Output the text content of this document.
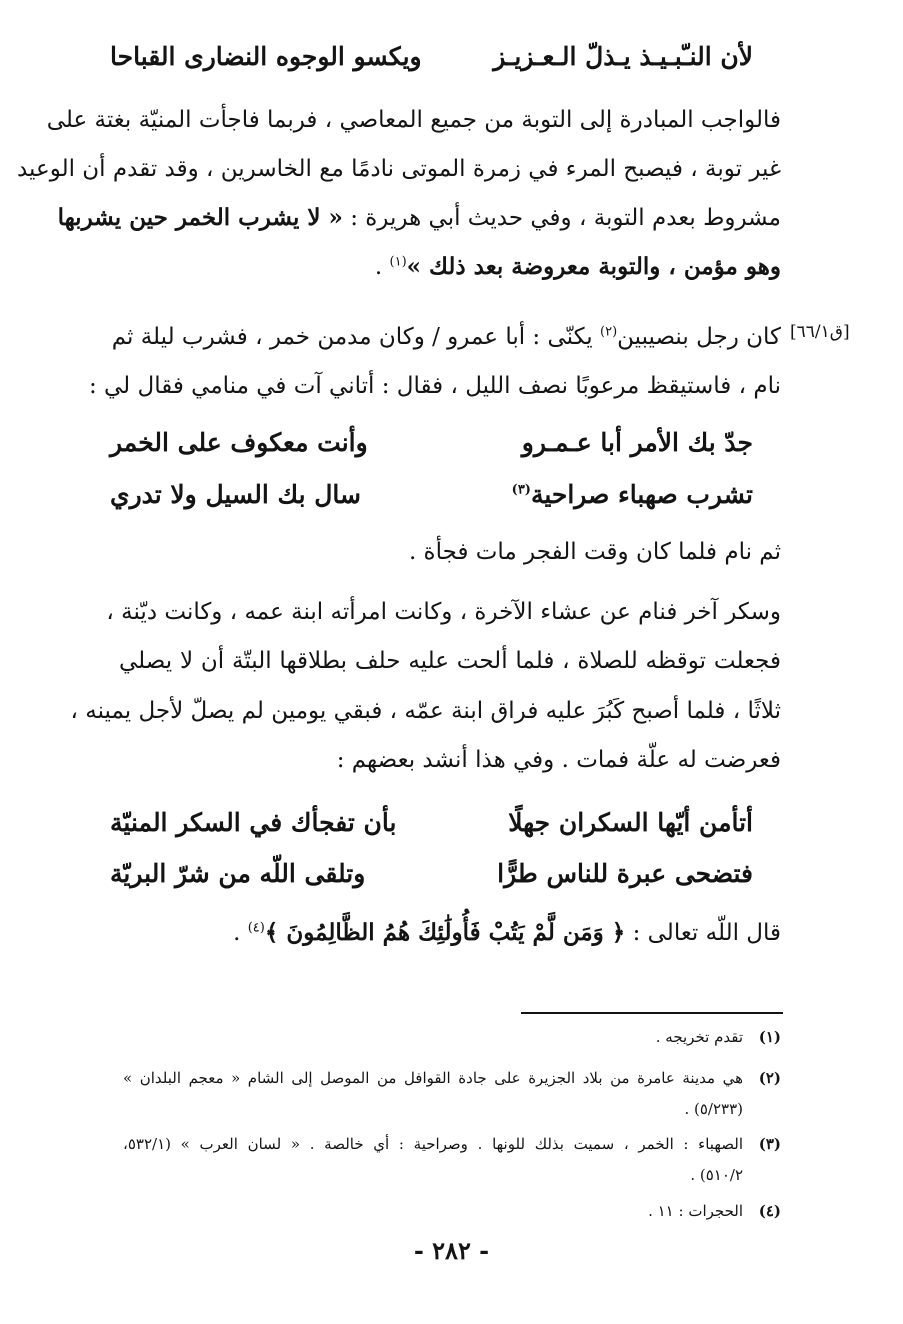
لأن النـّبـيـذ يـذلّ الـعـزيـز
ويكسو الوجوه النضارى القباحا
فالواجب المبادرة إلى التوبة من جميع المعاصي ، فربما فاجأت المنيّة بغتة على
غير توبة ، فيصبح المرء في زمرة الموتى نادمًا مع الخاسرين ، وقد تقدم أن الوعيد
مشروط بعدم التوبة ، وفي حديث أبي هريرة : « لا يشرب الخمر حين يشربها
وهو مؤمن ، والتوبة معروضة بعد ذلك »$^{(١)}$ .
[ق٦٦/١]
كان رجل بنصيبين$^{(٢)}$ يكنّى : أبا عمرو / وكان مدمن خمر ، فشرب ليلة ثم
نام ، فاستيقظ مرعوبًا نصف الليل ، فقال : أتاني آت في منامي فقال لي :
جدّ بك الأمر أبا عـمـرو
وأنت معكوف على الخمر
تشرب صهباء صراحية$^{(٣)}$
سال بك السيل ولا تدري
ثم نام فلما كان وقت الفجر مات فجأة .
وسكر آخر فنام عن عشاء الآخرة ، وكانت امرأته ابنة عمه ، وكانت ديّنة ،
فجعلت توقظه للصلاة ، فلما ألحت عليه حلف بطلاقها البتّة أن لا يصلي
ثلاثًا ، فلما أصبح كَبُرَ عليه فراق ابنة عمّه ، فبقي يومين لم يصلّ لأجل يمينه ،
فعرضت له علّة فمات . وفي هذا أنشد بعضهم :
أتأمن أيّها السكران جهلًا
بأن تفجأك في السكر المنيّة
فتضحى عبرة للناس طرًّا
وتلقى اللّه من شرّ البريّة
قال اللّه تعالى : ﴿ وَمَن لَّمْ يَتُبْ فَأُولَٰئِكَ هُمُ الظَّالِمُونَ ﴾$^{(٤)}$ .
(١)
تقدم تخريجه .
(٢)
هي مدينة عامرة من بلاد الجزيرة على جادة القوافل من الموصل إلى الشام « معجم البلدان »
(٥/٢٣٣) .
(٣)
الصهباء : الخمر ، سميت بذلك للونها . وصراحية : أي خالصة . « لسان العرب » (٥٣٢/١،
٥١٠/٢) .
(٤)
الحجرات : ١١ .
- ٢٨٢ -
